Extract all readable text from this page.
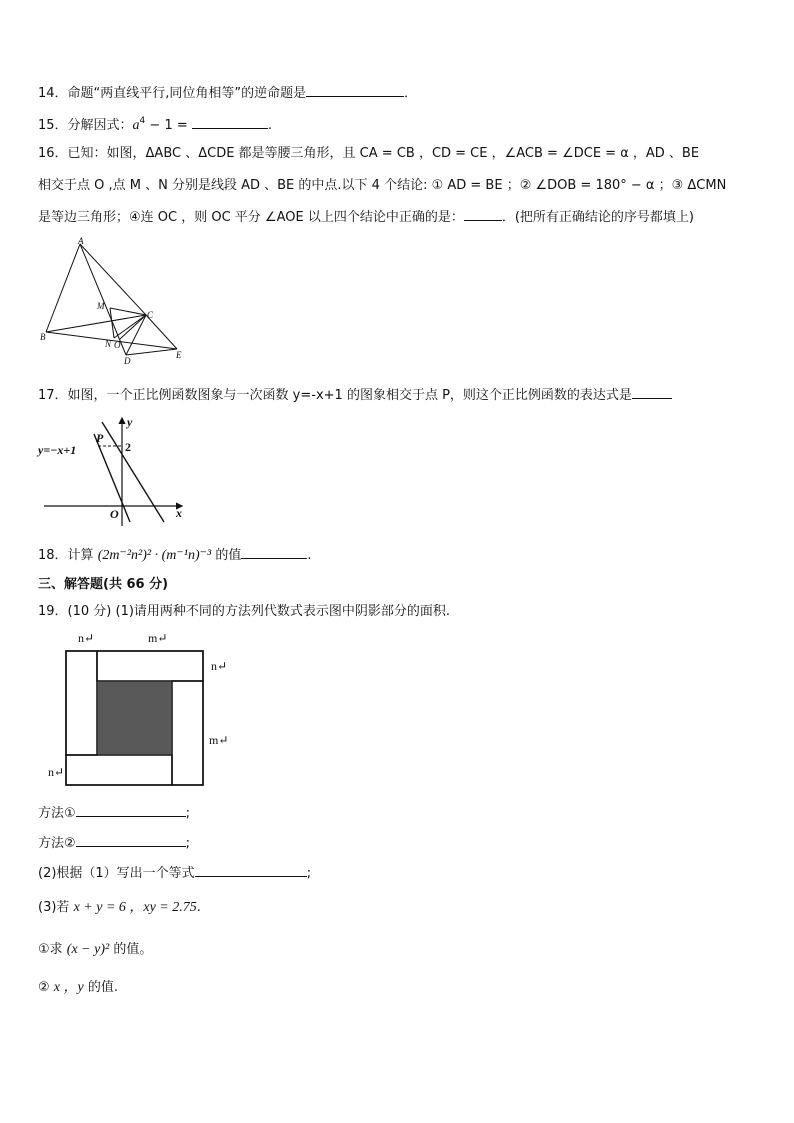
14．命题“两直线平行,同位角相等”的逆命题是	．
15．分解因式：$a^4 - 1$ =	.
16．已知：如图，ΔABC 、ΔCDE 都是等腰三角形，且 CA = CB ，CD = CE ，∠ACB = ∠DCE = α ，AD 、BE
相交于点 O ,点 M 、N 分别是线段 AD 、BE 的中点.以下 4 个结论: ① AD = BE ；② ∠DOB = 180° − α ；③ ΔCMN
是等边三角形；④连 OC ，则 OC 平分 ∠AOE 以上四个结论中正确的是：	．(把所有正确结论的序号都填上)
A
B
C
D
E
M
N O
17．如图，一个正比例函数图象与一次函数 y=-x+1 的图象相交于点 P，则这个正比例函数的表达式是
y=−x+1
P
2
O	x
y
18．计算 (2m⁻²n²)² · (m⁻¹n)⁻³ 的值	.
三、解答题(共 66 分)
19．(10 分) (1)请用两种不同的方法列代数式表示图中阴影部分的面积.
n↵	m↵
n↵
m↵
n↵
方法①	;
方法②	;
(2)根据（1）写出一个等式	;
(3)若 x + y = 6 ，xy = 2.75.
①求 (x − y)² 的值。
② x ，y 的值.
